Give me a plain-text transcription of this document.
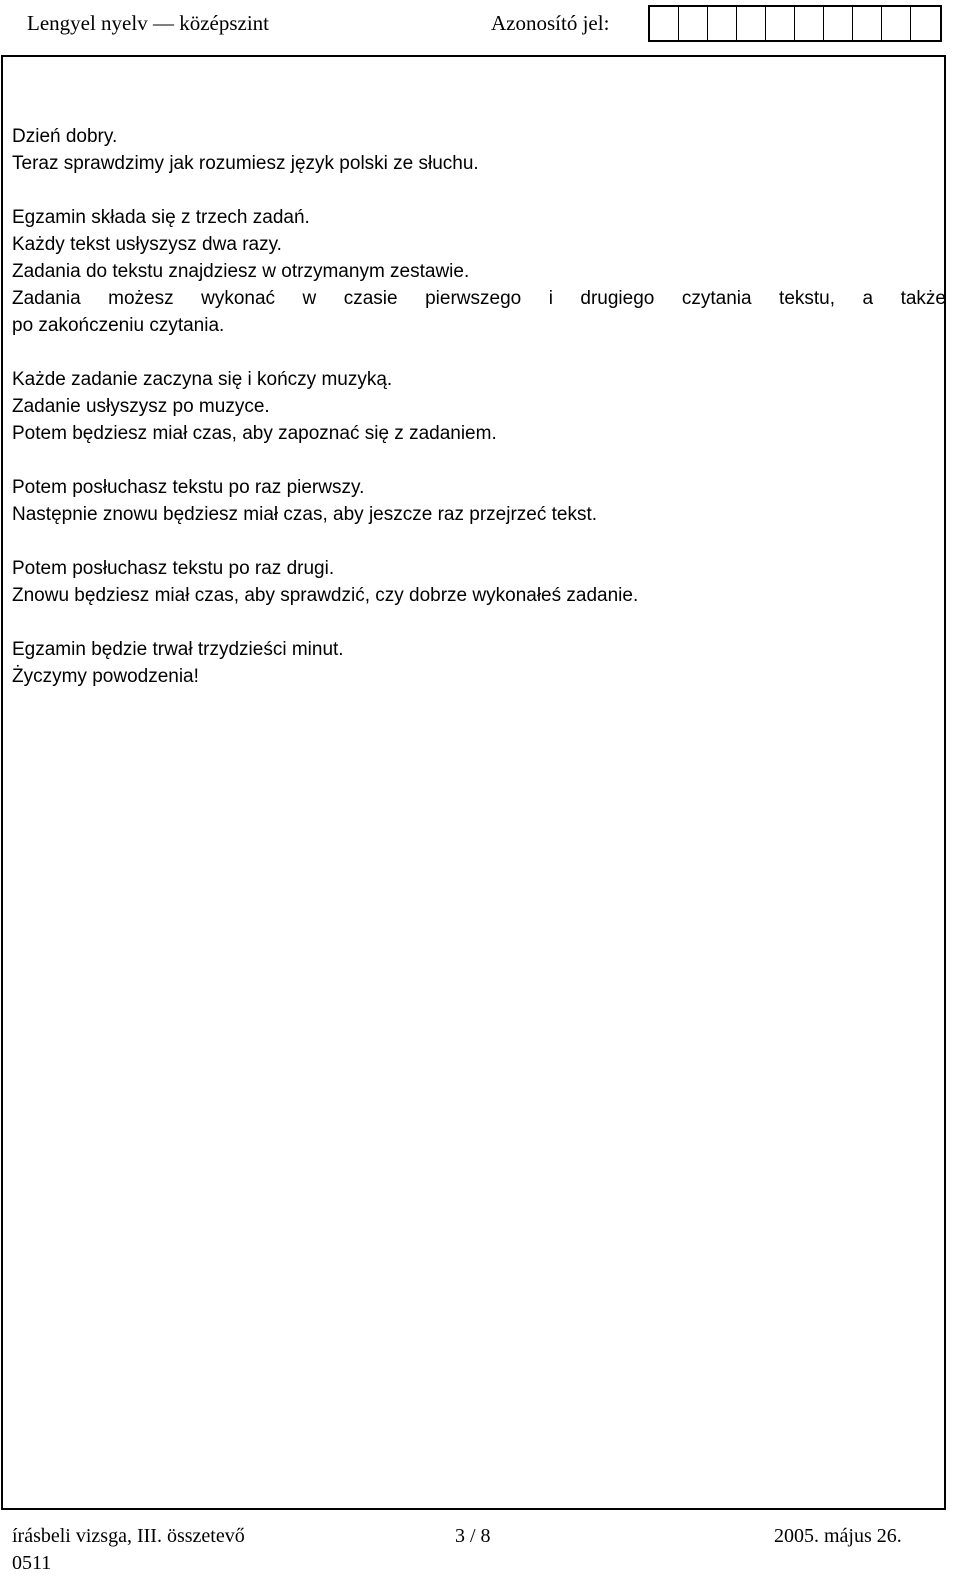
Lengyel nyelv — középszint	Azonosító jel:

Dzień dobry.

Teraz sprawdzimy jak rozumiesz język polski ze słuchu.

Egzamin składa się z trzech zadań.

Każdy tekst usłyszysz dwa razy.

Zadania do tekstu znajdziesz w otrzymanym zestawie.

Zadania możesz wykonać w czasie pierwszego i drugiego czytania tekstu, a także

po zakończeniu czytania.

Każde zadanie zaczyna się i kończy muzyką.

Zadanie usłyszysz po muzyce.

Potem będziesz miał czas, aby zapoznać się z zadaniem.

Potem posłuchasz tekstu po raz pierwszy.

Następnie znowu będziesz miał czas, aby jeszcze raz przejrzeć tekst.

Potem posłuchasz tekstu po raz drugi.

Znowu będziesz miał czas, aby sprawdzić, czy dobrze wykonałeś zadanie.

Egzamin będzie trwał trzydzieści minut.

Życzymy powodzenia!

írásbeli vizsga, III. összetevő	3 / 8	2005. május 26.
0511
